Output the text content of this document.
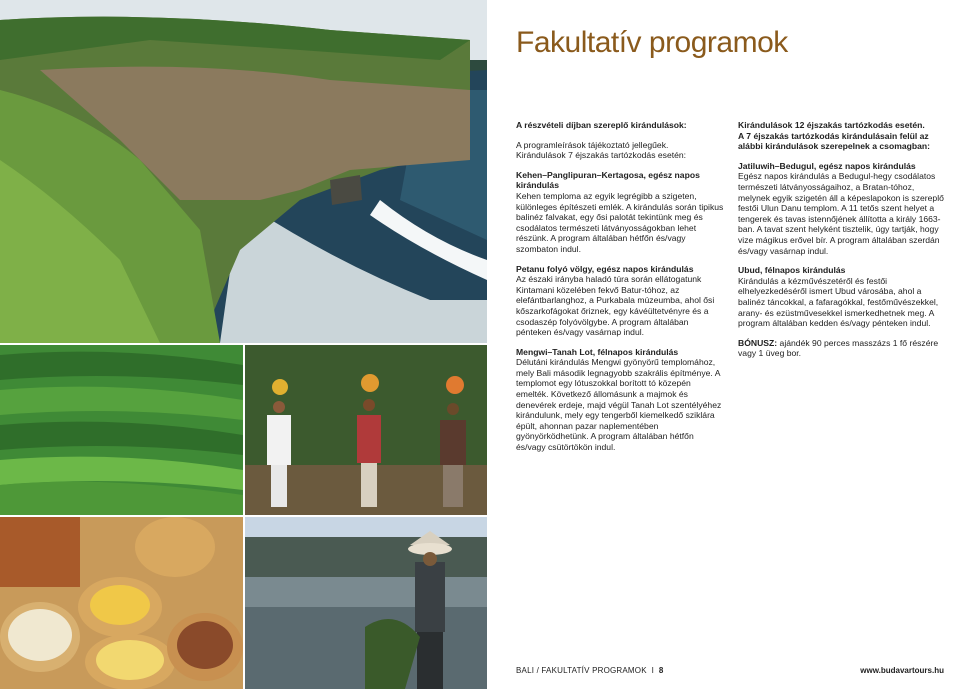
Fakultatív programok

A részvételi díjban szereplő kirándulások:

A programleírások tájékoztató jellegűek.
Kirándulások 7 éjszakás tartózkodás esetén:

Kehen–Panglipuran–Kertagosa, egész napos kirándulás
Kehen temploma az egyik legrégibb a szigeten, különleges építészeti emlék. A kirándulás során tipikus balinéz falvakat, egy ősi palotát tekintünk meg és csodálatos természeti látványosságokban lehet részünk. A program általában hétfőn és/vagy szombaton indul.

Petanu folyó völgy, egész napos kirándulás
Az északi irányba haladó túra során ellátogatunk Kintamani közelében fekvő Batur-tóhoz, az elefántbarlanghoz, a Purkabala múzeumba, ahol ősi kőszarkofágokat őriznek, egy kávéültetvényre és a csodaszép folyóvölgybe. A program általában pénteken és/vagy vasárnap indul.

Mengwi–Tanah Lot, félnapos kirándulás
Délutáni kirándulás Mengwi gyönyörű templomához, mely Bali második legnagyobb szakrális építménye. A templomot egy lótuszokkal borított tó közepén emelték. Következő állomásunk a majmok és denevérek erdeje, majd végül Tanah Lot szentélyéhez kirándulunk, mely egy tengerből kiemelkedő sziklára épült, ahonnan pazar naplementében gyönyörködhetünk. A program általában hétfőn és/vagy csütörtökön indul.

Kirándulások 12 éjszakás tartózkodás esetén.
A 7 éjszakás tartózkodás kirándulásain felül az alábbi kirándulások szerepelnek a csomagban:

Jatiluwih–Bedugul, egész napos kirándulás
Egész napos kirándulás a Bedugul-hegy csodálatos természeti látványosságaihoz, a Bratan-tóhoz, melynek egyik szigetén áll a képeslapokon is szereplő festői Ulun Danu templom. A 11 tetős szent helyet a tengerek és tavas istennőjének állította a király 1663-ban. A tavat szent helyként tisztelik, úgy tartják, hogy vize mágikus erővel bír. A program általában szerdán és/vagy vasárnap indul.

Ubud, félnapos kirándulás
Kirándulás a kézművészetéről és festői elhelyezkedéséről ismert Ubud városába, ahol a balinéz táncokkal, a fafaragókkal, festőművészekkel, arany- és ezüstművesekkel ismerkedhetnek meg. A program általában kedden és/vagy pénteken indul.

BÓNUSZ: ajándék 90 perces masszázs 1 fő részére vagy 1 üveg bor.

BALI / FAKULTATÍV PROGRAMOK I 8	www.budavartours.hu
